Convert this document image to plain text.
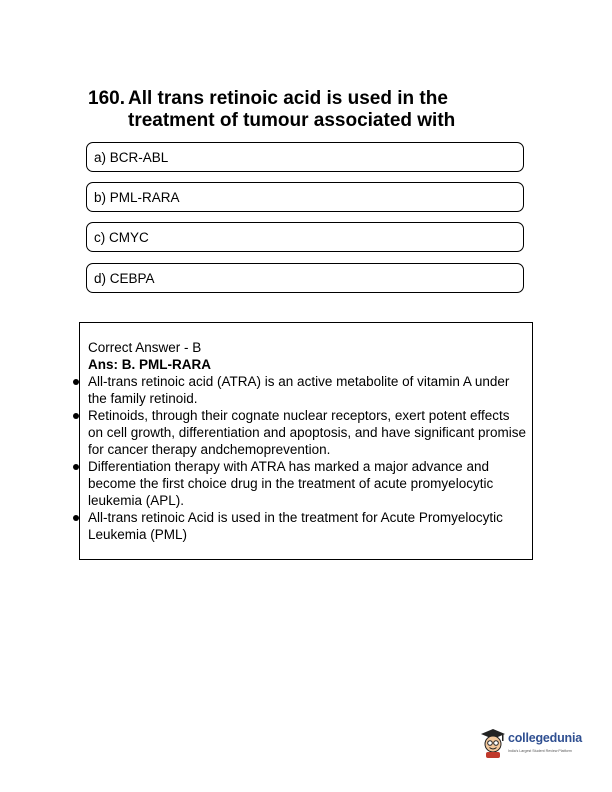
160. All trans retinoic acid is used in the
treatment of tumour associated with
a) BCR-ABL
b) PML-RARA
c) CMYC
d) CEBPA
Correct Answer - B
Ans: B. PML-RARA
All-trans retinoic acid (ATRA) is an active metabolite of vitamin A under the family retinoid.
Retinoids, through their cognate nuclear receptors, exert potent effects on cell growth, differentiation and apoptosis, and have significant promise for cancer therapy andchemoprevention.
Differentiation therapy with ATRA has marked a major advance and become the first choice drug in the treatment of acute promyelocytic leukemia (APL).
All-trans retinoic Acid is used in the treatment for Acute Promyelocytic Leukemia (PML)
collegedunia
India's Largest Student Review Platform
